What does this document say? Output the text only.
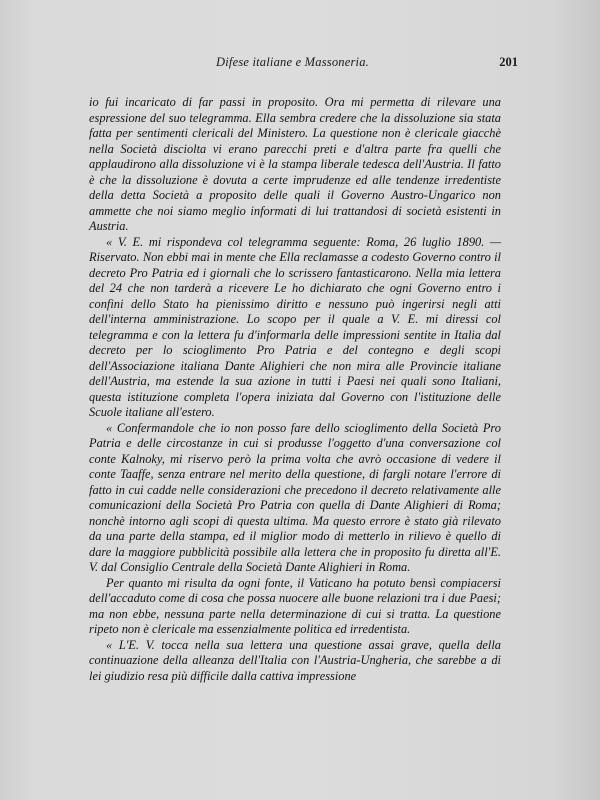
Difese italiane e Massoneria.	201

io fui incaricato di far passi in proposito. Ora mi permetta di rilevare una espressione del suo telegramma. Ella sembra credere che la dissoluzione sia stata fatta per sentimenti clericali del Ministero. La questione non è clericale giacchè nella Società disciolta vi erano parecchi preti e d'altra parte fra quelli che applaudirono alla dissoluzione vi è la stampa liberale tedesca dell'Austria. Il fatto è che la dissoluzione è dovuta a certe imprudenze ed alle tendenze irredentiste della detta Società a proposito delle quali il Governo Austro-Ungarico non ammette che noi siamo meglio informati di lui trattandosi di società esistenti in Austria.

« V. E. mi rispondeva col telegramma seguente: Roma, 26 luglio 1890. — Riservato. Non ebbi mai in mente che Ella reclamasse a codesto Governo contro il decreto Pro Patria ed i giornali che lo scrissero fantasticarono. Nella mia lettera del 24 che non tarderà a ricevere Le ho dichiarato che ogni Governo entro i confini dello Stato ha pienissimo diritto e nessuno può ingerirsi negli atti dell'interna amministrazione. Lo scopo per il quale a V. E. mi diressi col telegramma e con la lettera fu d'informarla delle impressioni sentite in Italia dal decreto per lo scioglimento Pro Patria e del contegno e degli scopi dell'Associazione italiana Dante Alighieri che non mira alle Provincie italiane dell'Austria, ma estende la sua azione in tutti i Paesi nei quali sono Italiani, questa istituzione completa l'opera iniziata dal Governo con l'istituzione delle Scuole italiane all'estero.

« Confermandole che io non posso fare dello scioglimento della Società Pro Patria e delle circostanze in cui si produsse l'oggetto d'una conversazione col conte Kalnoky, mi riservo però la prima volta che avrò occasione di vedere il conte Taaffe, senza entrare nel merito della questione, di fargli notare l'errore di fatto in cui cadde nelle considerazioni che precedono il decreto relativamente alle comunicazioni della Società Pro Patria con quella di Dante Alighieri di Roma; nonchè intorno agli scopi di questa ultima. Ma questo errore è stato già rilevato da una parte della stampa, ed il miglior modo di metterlo in rilievo è quello di dare la maggiore pubblicità possibile alla lettera che in proposito fu diretta all'E. V. dal Consiglio Centrale della Società Dante Alighieri in Roma.

Per quanto mi risulta da ogni fonte, il Vaticano ha potuto bensì compiacersi dell'accaduto come di cosa che possa nuocere alle buone relazioni tra i due Paesi; ma non ebbe, nessuna parte nella determinazione di cui si tratta. La questione ripeto non è clericale ma essenzialmente politica ed irredentista.

« L'E. V. tocca nella sua lettera una questione assai grave, quella della continuazione della alleanza dell'Italia con l'Austria-Ungheria, che sarebbe a di lei giudizio resa più difficile dalla cattiva impressione
